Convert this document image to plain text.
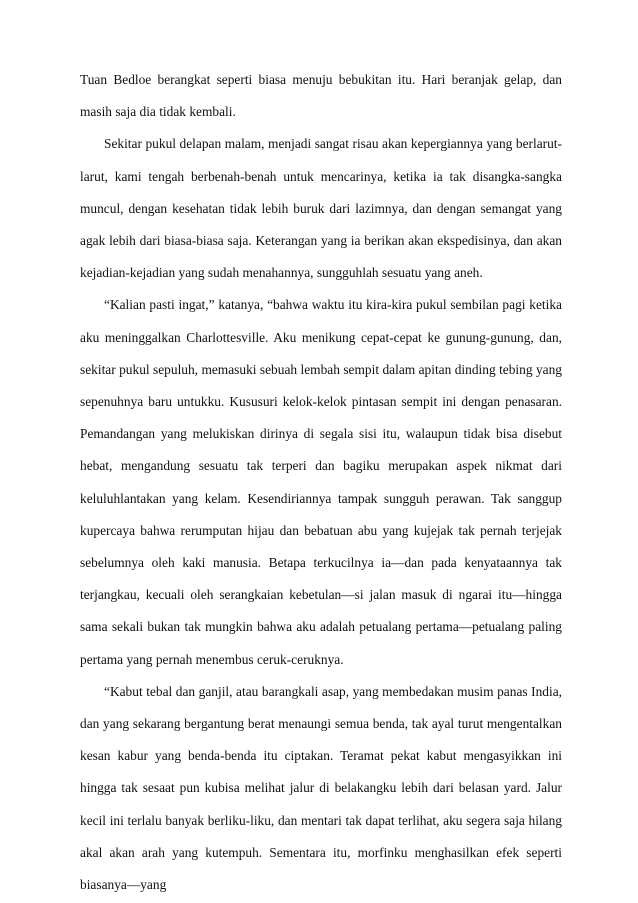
Tuan Bedloe berangkat seperti biasa menuju bebukitan itu. Hari beranjak gelap, dan masih saja dia tidak kembali.

Sekitar pukul delapan malam, menjadi sangat risau akan kepergiannya yang berlarut-larut, kami tengah berbenah-benah untuk mencarinya, ketika ia tak disangka-sangka muncul, dengan kesehatan tidak lebih buruk dari lazimnya, dan dengan semangat yang agak lebih dari biasa-biasa saja. Keterangan yang ia berikan akan ekspedisinya, dan akan kejadian-kejadian yang sudah menahannya, sungguhlah sesuatu yang aneh.

“Kalian pasti ingat,” katanya, “bahwa waktu itu kira-kira pukul sembilan pagi ketika aku meninggalkan Charlottesville. Aku menikung cepat-cepat ke gunung-gunung, dan, sekitar pukul sepuluh, memasuki sebuah lembah sempit dalam apitan dinding tebing yang sepenuhnya baru untukku. Kususuri kelok-kelok pintasan sempit ini dengan penasaran. Pemandangan yang melukiskan dirinya di segala sisi itu, walaupun tidak bisa disebut hebat, mengandung sesuatu tak terperi dan bagiku merupakan aspek nikmat dari keluluhlantakan yang kelam. Kesendiriannya tampak sungguh perawan. Tak sanggup kupercaya bahwa rerumputan hijau dan bebatuan abu yang kujejak tak pernah terjejak sebelumnya oleh kaki manusia. Betapa terkucilnya ia—dan pada kenyataannya tak terjangkau, kecuali oleh serangkaian kebetulan—si jalan masuk di ngarai itu—hingga sama sekali bukan tak mungkin bahwa aku adalah petualang pertama—petualang paling pertama yang pernah menembus ceruk-ceruknya.

“Kabut tebal dan ganjil, atau barangkali asap, yang membedakan musim panas India, dan yang sekarang bergantung berat menaungi semua benda, tak ayal turut mengentalkan kesan kabur yang benda-benda itu ciptakan. Teramat pekat kabut mengasyikkan ini hingga tak sesaat pun kubisa melihat jalur di belakangku lebih dari belasan yard. Jalur kecil ini terlalu banyak berliku-liku, dan mentari tak dapat terlihat, aku segera saja hilang akal akan arah yang kutempuh. Sementara itu, morfinku menghasilkan efek seperti biasanya—yang
